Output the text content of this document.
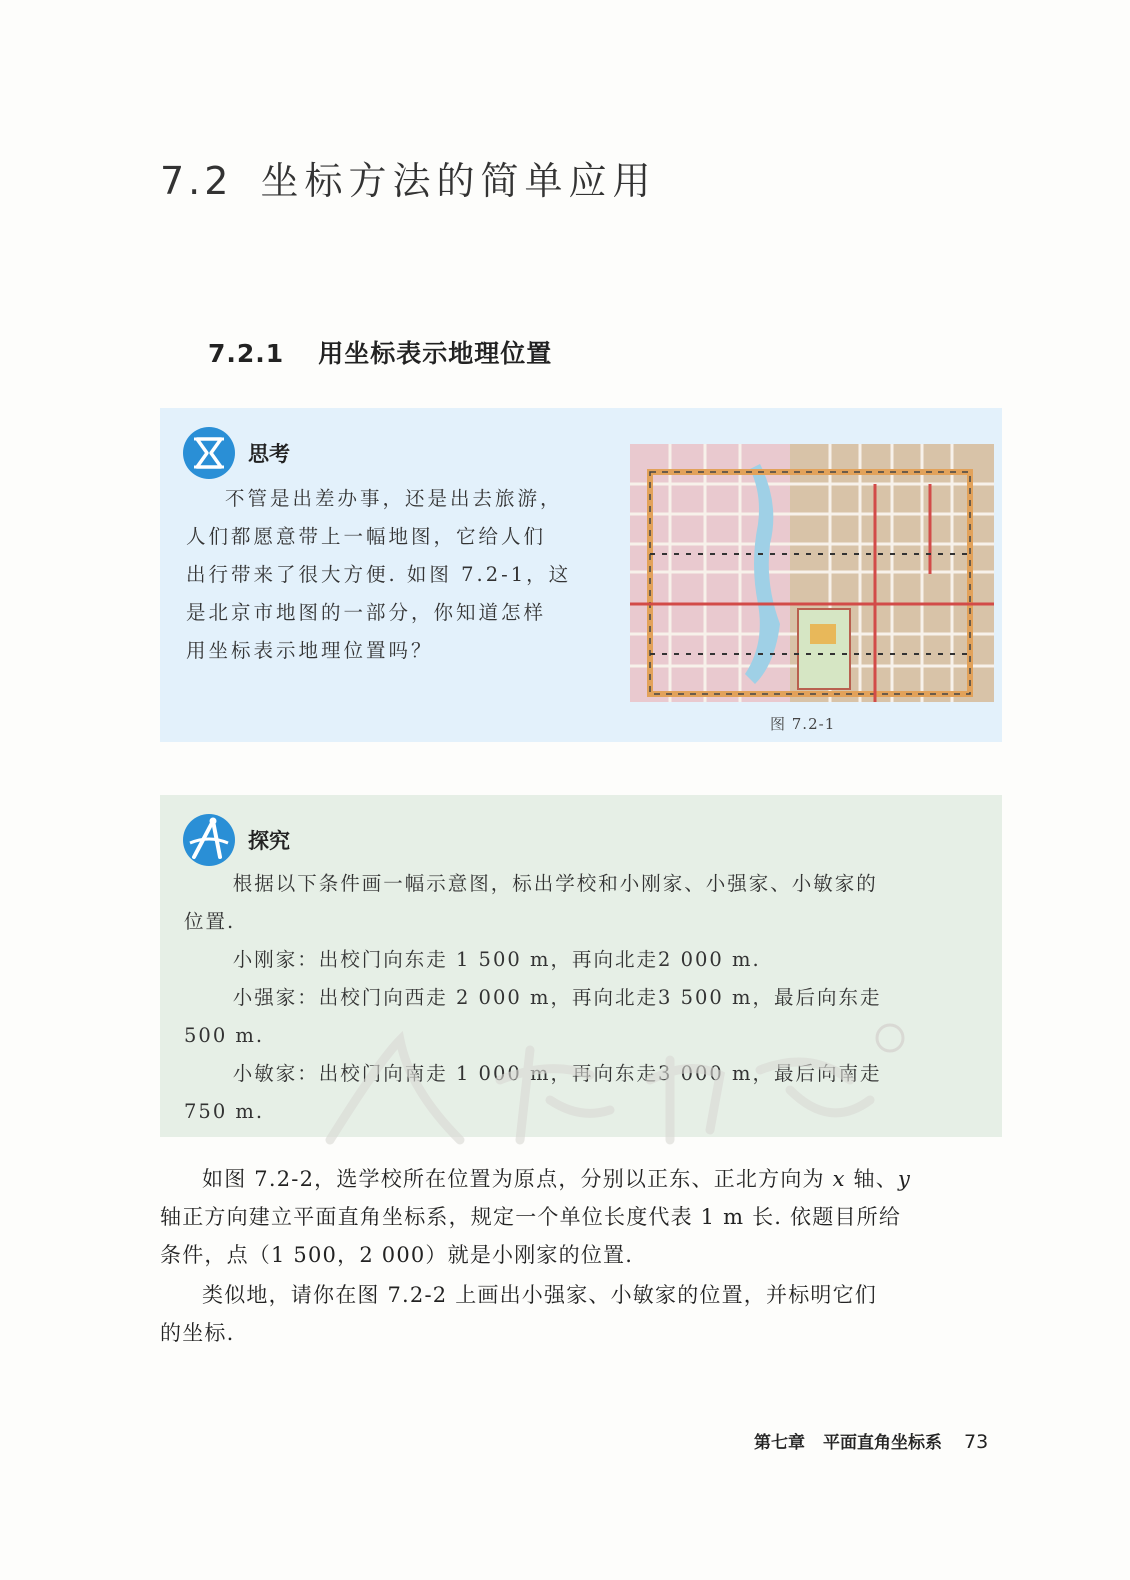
7.2 坐标方法的简单应用
7.2.1 用坐标表示地理位置
思考
不管是出差办事，还是出去旅游，
人们都愿意带上一幅地图，它给人们
出行带来了很大方便. 如图 7.2-1，这
是北京市地图的一部分，你知道怎样
用坐标表示地理位置吗？
图 7.2-1
探究

根据以下条件画一幅示意图，标出学校和小刚家、小强家、小敏家的

位置.

小刚家：出校门向东走 1 500 m，再向北走2 000 m.

小强家：出校门向西走 2 000 m，再向北走3 500 m，最后向东走

500 m.

小敏家：出校门向南走 1 000 m，再向东走3 000 m，最后向南走

750 m.

如图 7.2-2，选学校所在位置为原点，分别以正东、正北方向为 x 轴、y

轴正方向建立平面直角坐标系，规定一个单位长度代表 1 m 长. 依题目所给

条件，点（1 500，2 000）就是小刚家的位置.

类似地，请你在图 7.2-2 上画出小强家、小敏家的位置，并标明它们

的坐标.

第七章 平面直角坐标系 73
